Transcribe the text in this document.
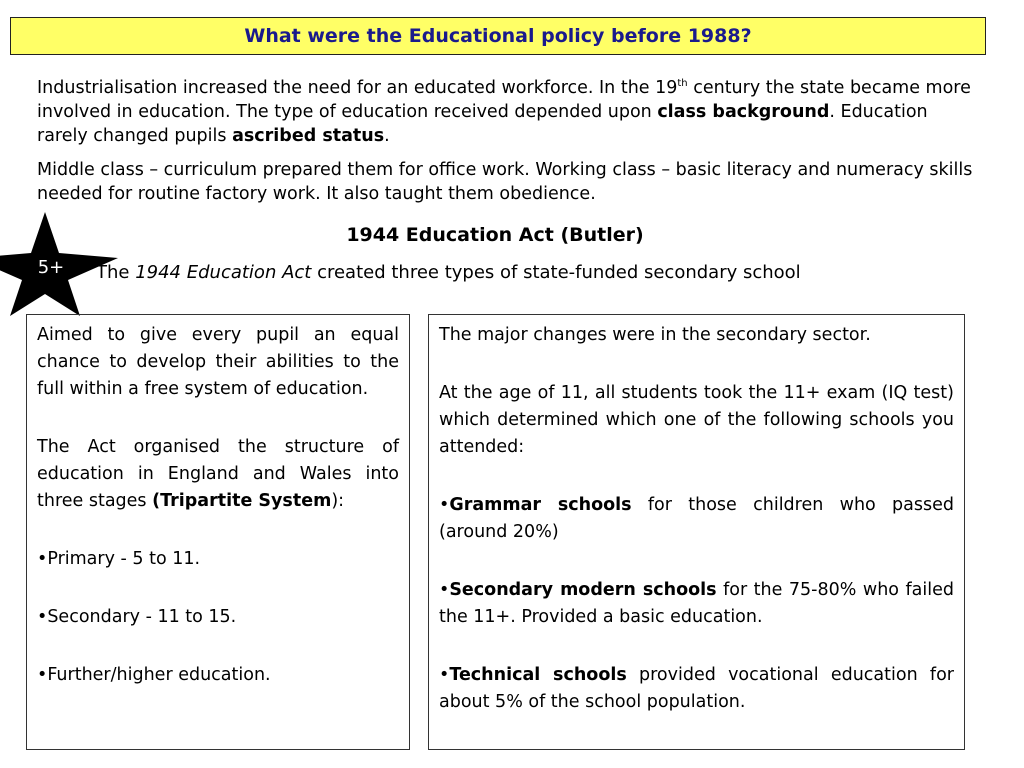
What were the Educational policy before 1988?

Industrialisation increased the need for an educated workforce. In the 19th century the state became more involved in education. The type of education received depended upon class background. Education rarely changed pupils ascribed status.

Middle class – curriculum prepared them for office work. Working class – basic literacy and numeracy skills needed for routine factory work. It also taught them obedience.

1944 Education Act (Butler)
5+ The 1944 Education Act created three types of state-funded secondary school

Aimed to give every pupil an equal chance to develop their abilities to the full within a free system of education.

The Act organised the structure of education in England and Wales into three stages (Tripartite System):

•Primary - 5 to 11.

•Secondary - 11 to 15.

•Further/higher education.

The major changes were in the secondary sector.

At the age of 11, all students took the 11+ exam (IQ test) which determined which one of the following schools you attended:

•Grammar schools for those children who passed (around 20%)

•Secondary modern schools for the 75-80% who failed the 11+. Provided a basic education.

•Technical schools provided vocational education for about 5% of the school population.
